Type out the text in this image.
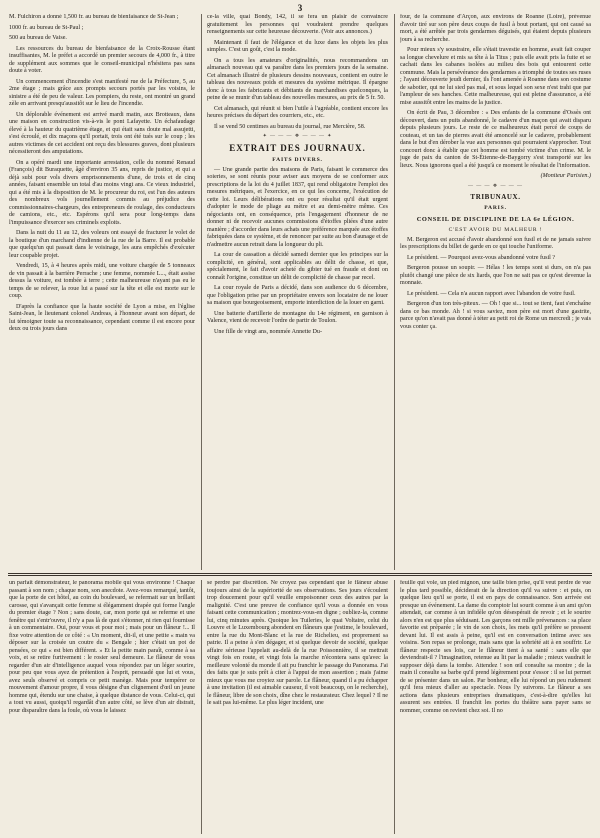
3

M. Fulchiron a donné 1,500 fr. au bureau de bienfaisance de St-Jean ;

1000 fr. au bureau de St-Paul ;

500 au bureau de Vaise.

Les ressources du bureau de bienfaisance de la Croix-Rousse étant insuffisantes, M. le préfet a accordé un premier secours de 4,000 fr., à titre de supplément aux sommes que le conseil-municipal n'hésitera pas sans doute à voter.

Un commencement d'incendie s'est manifesté rue de la Préfecture, 5, au 2me étage ; mais grâce aux prompts secours portés par les voisins, le sinistre a été de peu de valeur. Les pompiers, du reste, ont montré un grand zèle en arrivant presqu'aussitôt sur le lieu de l'incendie.

Un déplorable événement est arrivé mardi matin, aux Brotteaux, dans une maison en construction vis-à-vis le pont Lafayette. Un échafaudage élevé à la hauteur du quatrième étage, et qui était sans doute mal assujetti, s'est écroulé, et dix maçons qu'il portait, trois ont été tués sur le coup ; les autres victimes de cet accident ont reçu des blessures graves, dont plusieurs nécessiteront des amputations.

On a opéré mardi une importante arrestation, celle du nommé Renaud (François) dit Buraquette, âgé d'environ 35 ans, repris de justice, et qui a déjà subi pour vols divers emprisonnements d'une, de trois et de cinq années, faisant ensemble un total d'au moins vingt ans. Ce vieux industriel, qui a été mis à la disposition de M. le procureur du roi, est l'un des auteurs des nombreux vols journellement commis au préjudice des commissionnaires-chargeurs, des entrepreneurs de roulage, des conducteurs de camions, etc., etc. Espérons qu'il sera pour long-temps dans l'impuissance d'exercer ses criminels exploits.

Dans la nuit du 11 au 12, des voleurs ont essayé de fracturer le volet de la boutique d'un marchand d'indienne de la rue de la Barre. Il est probable que quelqu'un qui passait dans le voisinage, les aura empêchés d'exécuter leur coupable projet.

Vendredi, 15, à 4 heures après midi, une voiture chargée de 5 tonneaux de vin passait à la barrière Perrache ; une femme, nommée L..., était assise dessus la voiture, est tombée à terre ; cette malheureuse n'ayant pas eu le temps de se relever, la roue lui a passé sur la tête et elle est morte sur le coup.

D'après la confiance que la haute société de Lyon a mise, en l'église Saint-Jean, le lieutenant colonel Andreas, à l'honneur avant son départ, de lui témoigner toute sa reconnaissance, cependant comme il est encore pour deux ou trois jours dans

ce-la ville, quai Bondy, 142, il se fera un plaisir de convaincre gratuitement les personnes qui voudraient prendre quelques renseignements sur cette heureuse découverte. (Voir aux annonces.)

Maintenant il faut de l'élégance et du luxe dans les objets les plus simples. C'est un goût, c'est la mode.

On a tous les amateurs d'originalités, nous recommandons un almanach nouveau qui va paraître dans les premiers jours de la semaine. Cet almanach illustré de plusieurs dessins nouveaux, contient en outre le tableau des nouveaux poids et mesures du système métrique. Il épargne donc à tous les fabricants et débitants de marchandises quelconques, la peine de se munir d'un tableau des nouvelles mesures, au prix de 5 fr. 50.

Cet almanach, qui réunit si bien l'utile à l'agréable, contient encore les heures précises du départ des courriers, etc., etc.

Il se vend 50 centimes au bureau du journal, rue Mercière, 58.

✦ — — — ❖ — — — ✦
EXTRAIT DES JOURNAUX.
FAITS DIVERS.

— Une grande partie des maisons de Paris, faisant le commerce des soieries, se sont réunis pour aviser aux moyens de se conformer aux prescriptions de la loi du 4 juillet 1837, qui rend obligatoire l'emploi des mesures métriques, et l'exercice, en ce qui les concerne, l'exécution de cette loi. Leurs délibérations ont eu pour résultat qu'il était urgent d'adopter le mode de pliage au mètre et au demi-mètre même. Ces négociants ont, en conséquence, pris l'engagement d'honneur de ne donner ni de recevoir aucunes commissions d'étoffes pliées d'une autre manière ; d'accorder dans leurs achats une préférence marquée aux étoffes fabriquées dans ce système, et de renoncer par suite au bon d'aunage et de n'admettre aucun retrait dans la longueur du pli.

La cour de cassation a décidé samedi dernier que les principes sur la complicité, en général, sont applicables au délit de chasse, et que, spécialement, le fait d'avoir acheté du gibier tué en fraude et dont on connaît l'origine, constitue un délit de complicité de chasse par recel.

La cour royale de Paris a décidé, dans son audience du 6 décembre, que l'obligation prise par un propriétaire envers son locataire de ne louer sa maison que bourgeoisement, emporte interdiction de la louer en garni.

Une batterie d'artillerie de montagne du 14e régiment, en garnison à Valence, vient de recevoir l'ordre de partir de Toulon.

Une fille de vingt ans, nommée Annette Du-

four, de la commune d'Arçon, aux environs de Roanne (Loire), prévenue d'avoir tiré sur son père deux coups de fusil à bout portant, qui ont causé sa mort, a été arrêtée par trois gendarmes déguisés, qui étaient depuis plusieurs jours à sa recherche.

Pour mieux s'y soustraire, elle s'était travestie en homme, avait fait couper sa longue chevelure et mis sa tête à la Titus ; puis elle avait pris la fuite et se cachait dans les cabanes isolées au milieu des bois qui entourent cette commune. Mais la persévérance des gendarmes a triomphé de toutes ses ruses ; l'ayant découverte jeudi dernier, ils l'ont amenée à Roanne dans son costume de sabotier, qui ne lui sied pas mal, et sous lequel son sexe n'est trahi que par l'ampleur de ses hanches. Cette malheureuse, qui est pleine d'assurance, a été mise aussitôt entre les mains de la justice.

On écrit de Pau, 3 décembre : « Des enfants de la commune d'Ossès ont découvert, dans un puits abandonné, le cadavre d'un maçon qui avait disparu depuis plusieurs jours. Le reste de ce malheureux était percé de coups de couteau, et un tas de pierres avait été amoncelé sur le cadavre, probablement dans le but d'en dérober la vue aux personnes qui pourraient s'approcher. Tout concourt donc à établir que cet homme est tombé victime d'un crime. M. le juge de paix du canton de St-Étienne-de-Baygorry s'est transporté sur les lieux. Nous ignorons quel a été jusqu'à ce moment le résultat de l'information.

(Moniteur Parisien.)

— — — ❖ — — —
TRIBUNAUX.
PARIS.
CONSEIL DE DISCIPLINE DE LA 6e LÉGION.
C'EST AVOIR DU MALHEUR !

M. Bergeron est accusé d'avoir abandonné son fusil et de ne jamais suivre les prescriptions du billet de garde en ce qui touche l'uniforme.

Le président. — Pourquoi avez-vous abandonné votre fusil ?

Bergeron pousse un soupir. — Hélas ! les temps sont si durs, on n'a pas plutôt changé une pièce de six liards, que l'on ne sait pas ce qu'est devenue la monnaie.

Le président. — Cela n'a aucun rapport avec l'abandon de votre fusil.

Bergeron d'un ton très-piteux. — Oh ! que si... tout se tient, faut s'enchaîne dans ce bas monde. Ah ! si vous saviez, mon père est mort d'une gastrite, parce qu'on n'avait pas donné à téter au petit roi de Rome un mercredi ; je vais vous conter ça.

un parfait démonstrateur, le panorama mobile qui vous environne ! Chaque passant à son nom ; chaque nom, son anecdote. Avez-vous remarqué, tantôt, que la porte de cet hôtel, au coin du boulevard, se refermait sur un brillant carosse, qui s'avançait cette femme si élégamment drapée qui forme l'angle du premier étage ? Non ; sans doute, car, mon porte qui se referme et une fenêtre qui s'entr'ouvre, il n'y a pas là de quoi s'étonner, ni rien qui fournisse à un commentaire. Oui, pour vous et pour moi ; mais pour un flâneur !... Il fixe votre attention de ce côté : « Un moment, dit-il, et une petite « main va déposer sur la croisée un coutre du « Bengale ; hier c'était un pot de pensées, ce qui « est bien différent. » Et la petite main paraît, comme à sa voix, et se retire furtivement : le rosier seul demeure. Le flâneur de vous regarder d'un air d'intelligence auquel vous répondez par un léger sourire, pour peu que vous ayez de prétention à l'esprit, persuadé que lui et vous, avez seuls observé et compris ce petit manège. Mais pour tempérer ce mouvement d'amour propre, il vous désigne d'un clignement d'œil un jeune homme qui, étendu sur une chaise, à quelque distance de vous. Celui-ci, qui a tout vu aussi, quoiqu'il regardât d'un autre côté, se lève d'un air distrait, pour disparaître dans la foule, où vous le laissez

se perdre par discrétion. Ne croyez pas cependant que le flâneur abuse toujours ainsi de la supériorité de ses observations. Ses jours s'écoulent trop doucement pour qu'il veuille empoisonner ceux des autres par la malignité. C'est une preuve de confiance qu'il vous a donnée en vous faisant cette communication ; montrez-vous-en digne ; oubliez-la, comme lui, cinq minutes après. Quoique les Tuileries, le quai Voltaire, celui du Louvre et le Luxembourg abondent en flâneurs que j'estime, le boulevard, entre la rue du Mont-Blanc et la rue de Richelieu, est proprement sa patrie. Il a peine à s'en dégager, et si quelque devoir de société, quelque affaire sérieuse l'appelait au-delà de la rue Poissonnière, il se mettrait vingt fois en route, et vingt fois la marche n'écontera sans qu'avec la meilleure volonté du monde il ait pu franchir le passage du Panorama. J'ai des faits que je suis prêt à citer à l'appui de mon assertion ; mais j'aime mieux que vous me croyiez sur parole. Le flâneur, quand il a pu échapper à une invitation (il est aimable causeur, il voit beaucoup, on le recherche), le flâneur, libre de son choix, dîne chez le restaurateur. Chez lequel ? Il ne le sait pas lui-même. Le plus léger incident, une

feuille qui vole, un pied mignon, une taille bien prise, qu'il veut perdre de vue le plus tard possible, déciderait de la direction qu'il va suivre : et puis, on quelque lieu qu'il se porte, il est en pays de connaissance. Son arrivée est presque un événement. La dame du comptoir lui sourit comme à un ami qu'on attendait, car comme à un infidèle qu'on désespérait de revoir ; et le sourire alors n'en est que plus séduisant. Les garçons ont mille prévenances : sa place favorite est préparée ; le vin de son choix, les mets qu'il préfère se pressent devant lui. Il est assis à peine, qu'il est en conversation intime avec ses voisins. Son repas se prolonge, mais sans que la sobriété ait à en souffrir. Le flâneur respecte ses lois, car le flâneur tient à sa santé : sans elle que deviendrait-il ? l'imagination, retenue au lit par la maladie ; mieux vaudrait le supposer déjà dans la tombe. Attendez ! son œil consulte sa montre ; de la main il consulte sa barbe qu'il prend légèrement pour s'essor : il se lui permet de se présenter dans un salon. Par bonheur, elle lui répond un peu rudement qu'il fera mieux d'aller au spectacle. Nous l'y suivrons. Le flâneur a ses actions dans plusieurs entreprises dramatiques, c'est-à-dire qu'elles lui assurent ses entrées. Il franchit les portes du théâtre sans payer sans se nommer, comme on revient chez soi. Il no
